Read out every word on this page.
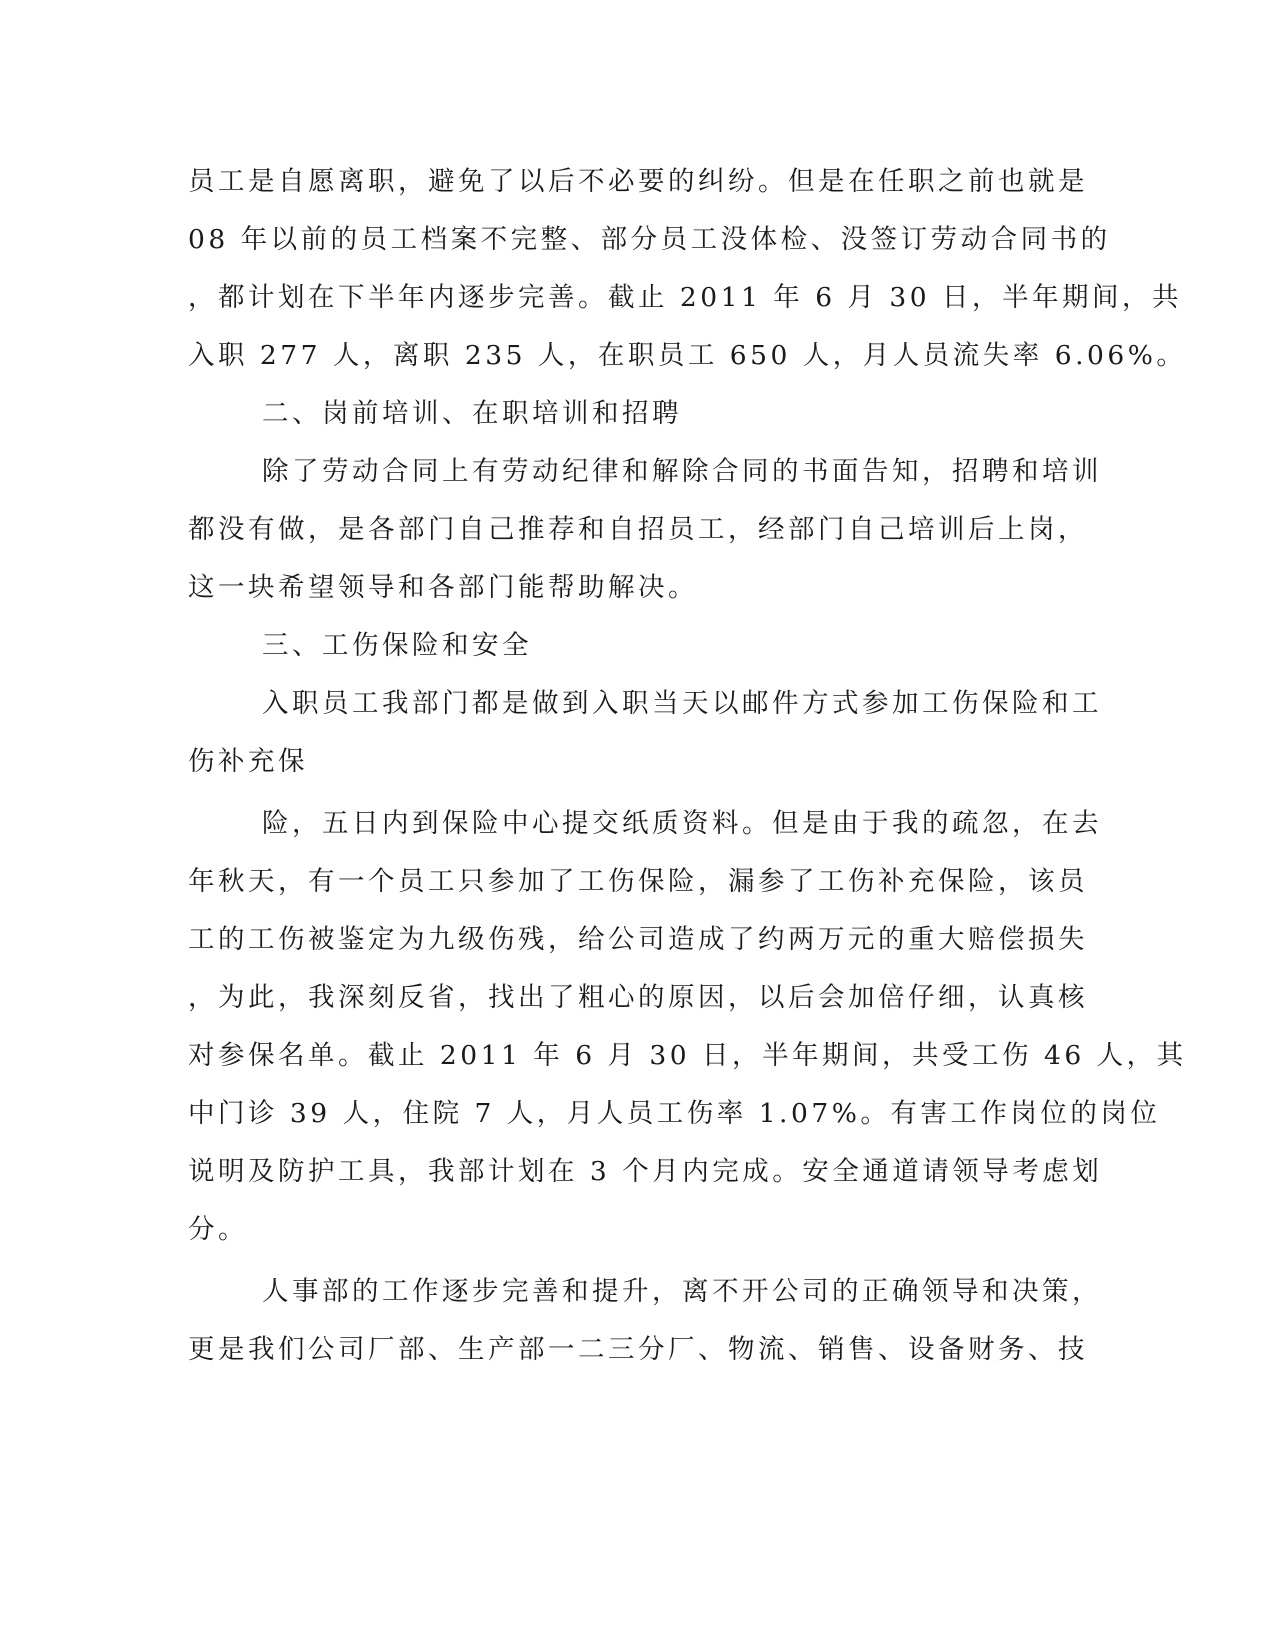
员工是自愿离职，避免了以后不必要的纠纷。但是在任职之前也就是
08 年以前的员工档案不完整、部分员工没体检、没签订劳动合同书的
，都计划在下半年内逐步完善。截止 2011 年 6 月 30 日，半年期间，共
入职 277 人，离职 235 人，在职员工 650 人，月人员流失率 6.06%。
二、岗前培训、在职培训和招聘
除了劳动合同上有劳动纪律和解除合同的书面告知，招聘和培训
都没有做，是各部门自己推荐和自招员工，经部门自己培训后上岗，
这一块希望领导和各部门能帮助解决。
三、工伤保险和安全
入职员工我部门都是做到入职当天以邮件方式参加工伤保险和工
伤补充保
险，五日内到保险中心提交纸质资料。但是由于我的疏忽，在去
年秋天，有一个员工只参加了工伤保险，漏参了工伤补充保险，该员
工的工伤被鉴定为九级伤残，给公司造成了约两万元的重大赔偿损失
，为此，我深刻反省，找出了粗心的原因，以后会加倍仔细，认真核
对参保名单。截止 2011 年 6 月 30 日，半年期间，共受工伤 46 人，其
中门诊 39 人，住院 7 人，月人员工伤率 1.07%。有害工作岗位的岗位
说明及防护工具，我部计划在 3 个月内完成。安全通道请领导考虑划
分。
人事部的工作逐步完善和提升，离不开公司的正确领导和决策，
更是我们公司厂部、生产部一二三分厂、物流、销售、设备财务、技
